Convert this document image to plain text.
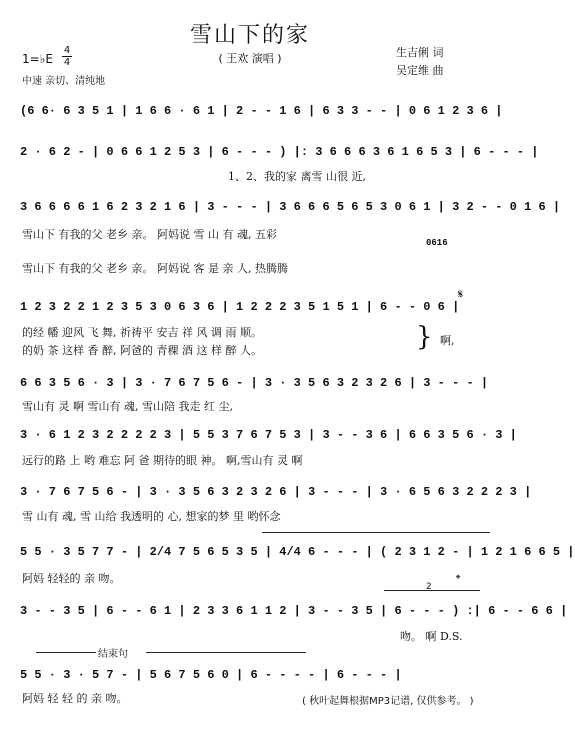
雪山下的家
( 王欢 演唱 )	生吉俐 词
吴定维 曲
1=♭E
4
4
中速 亲切、清纯地
(6 6· 6 3 5 1 | 1 6 6 · 6 1 | 2 - - 1 6 | 6 3 3 - - | 0 6 1 2 3 6 |
2 · 6 2 - | 0 6 6 1 2 5 3 | 6 - - - ) |: 3 6 6 6 3 6 1 6 5 3 | 6 - - - |
1、2、我的家 离雪 山很 近,
3 6 6 6 6 1 6 2 3 2 1 6 | 3 - - - | 3 6 6 6 5 6 5 3 0 6 1 | 3 2 - - 0 1 6 |
雪山下 有我的父 老乡 亲。 阿妈说 雪 山 有 魂, 五彩
0616
雪山下 有我的父 老乡 亲。 阿妈说 客 是 亲 人, 热腾腾
𝄋
1 2 3 2 2 1 2 3 5 3 0 6 3 6 | 1 2 2 2 3 5 1 5 1 | 6 - - 0 6 |
的经 幡 迎风 飞 舞, 祈祷平 安吉 祥 风 调 雨 顺。
的奶 茶 这样 香 醉, 阿爸的 青稞 酒 这 样 醉 人。	} 啊,
6 6 3 5 6 · 3 | 3 · 7 6 7 5 6 - | 3 · 3 5 6 3 2 3 2 6 | 3 - - - |
雪山有 灵 啊 雪山有 魂, 雪山陪 我走 红 尘,
3 · 6 1 2 3 2 2 2 2 3 | 5 5 3 7 6 7 5 3 | 3 - - 3 6 | 6 6 3 5 6 · 3 |
远行的路 上 哟 难忘 阿 爸 期待的眼 神。 啊,雪山有 灵 啊
3 · 7 6 7 5 6 - | 3 · 3 5 6 3 2 3 2 6 | 3 - - - | 3 · 6 5 6 3 2 2 2 3 |
雪 山有 魂, 雪 山给 我透明的 心, 想家的梦 里 哟怀念
5 5 · 3 5 7 7 - | 2/4 7 5 6 5 3 5 | 4/4 6 - - - | ( 2 3 1 2 - | 1 2 1 6 6 5 |
阿妈 轻轻的 亲 吻。	𝄌
2
3 - - 3 5 | 6 - - 6 1 | 2 3 3 6 1 1 2 | 3 - - 3 5 | 6 - - - ) :| 6 - - 6 6 |
吻。 啊 D.S.
结束句
5 5 · 3 · 5 7 - | 5 6 7 5 6 0 | 6 - - - - | 6 - - - |
阿妈 轻 轻 的 亲 吻。	( 秋叶起舞根据MP3记谱, 仅供参考。 )
